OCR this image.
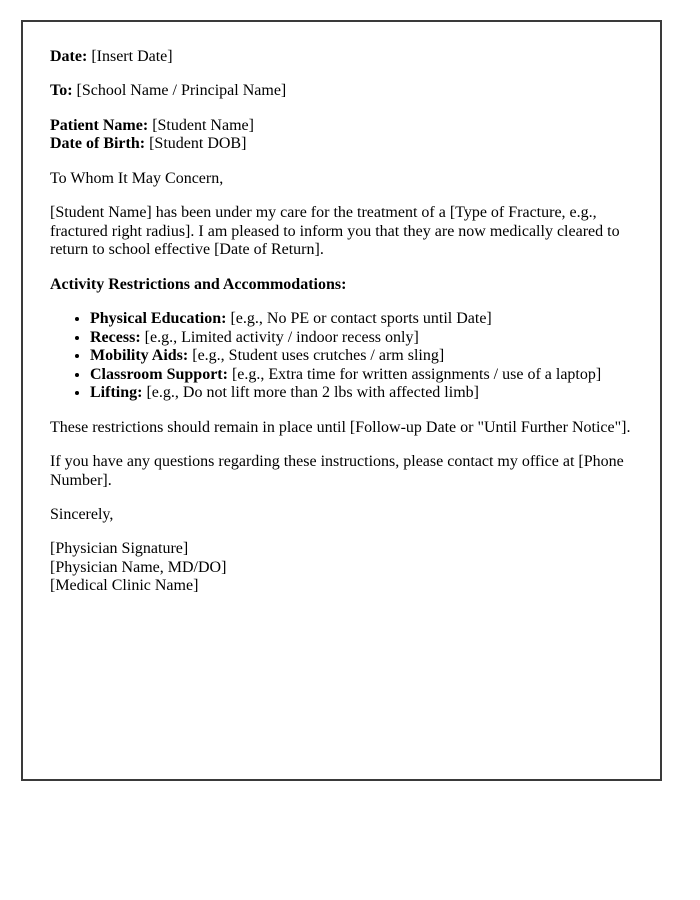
Date: [Insert Date]

To: [School Name / Principal Name]

Patient Name: [Student Name]
Date of Birth: [Student DOB]

To Whom It May Concern,

[Student Name] has been under my care for the treatment of a [Type of Fracture, e.g., fractured right radius]. I am pleased to inform you that they are now medically cleared to return to school effective [Date of Return].

Activity Restrictions and Accommodations:

• Physical Education: [e.g., No PE or contact sports until Date]
• Recess: [e.g., Limited activity / indoor recess only]
• Mobility Aids: [e.g., Student uses crutches / arm sling]
• Classroom Support: [e.g., Extra time for written assignments / use of a laptop]
• Lifting: [e.g., Do not lift more than 2 lbs with affected limb]

These restrictions should remain in place until [Follow-up Date or "Until Further Notice"].

If you have any questions regarding these instructions, please contact my office at [Phone Number].

Sincerely,

[Physician Signature]
[Physician Name, MD/DO]
[Medical Clinic Name]
